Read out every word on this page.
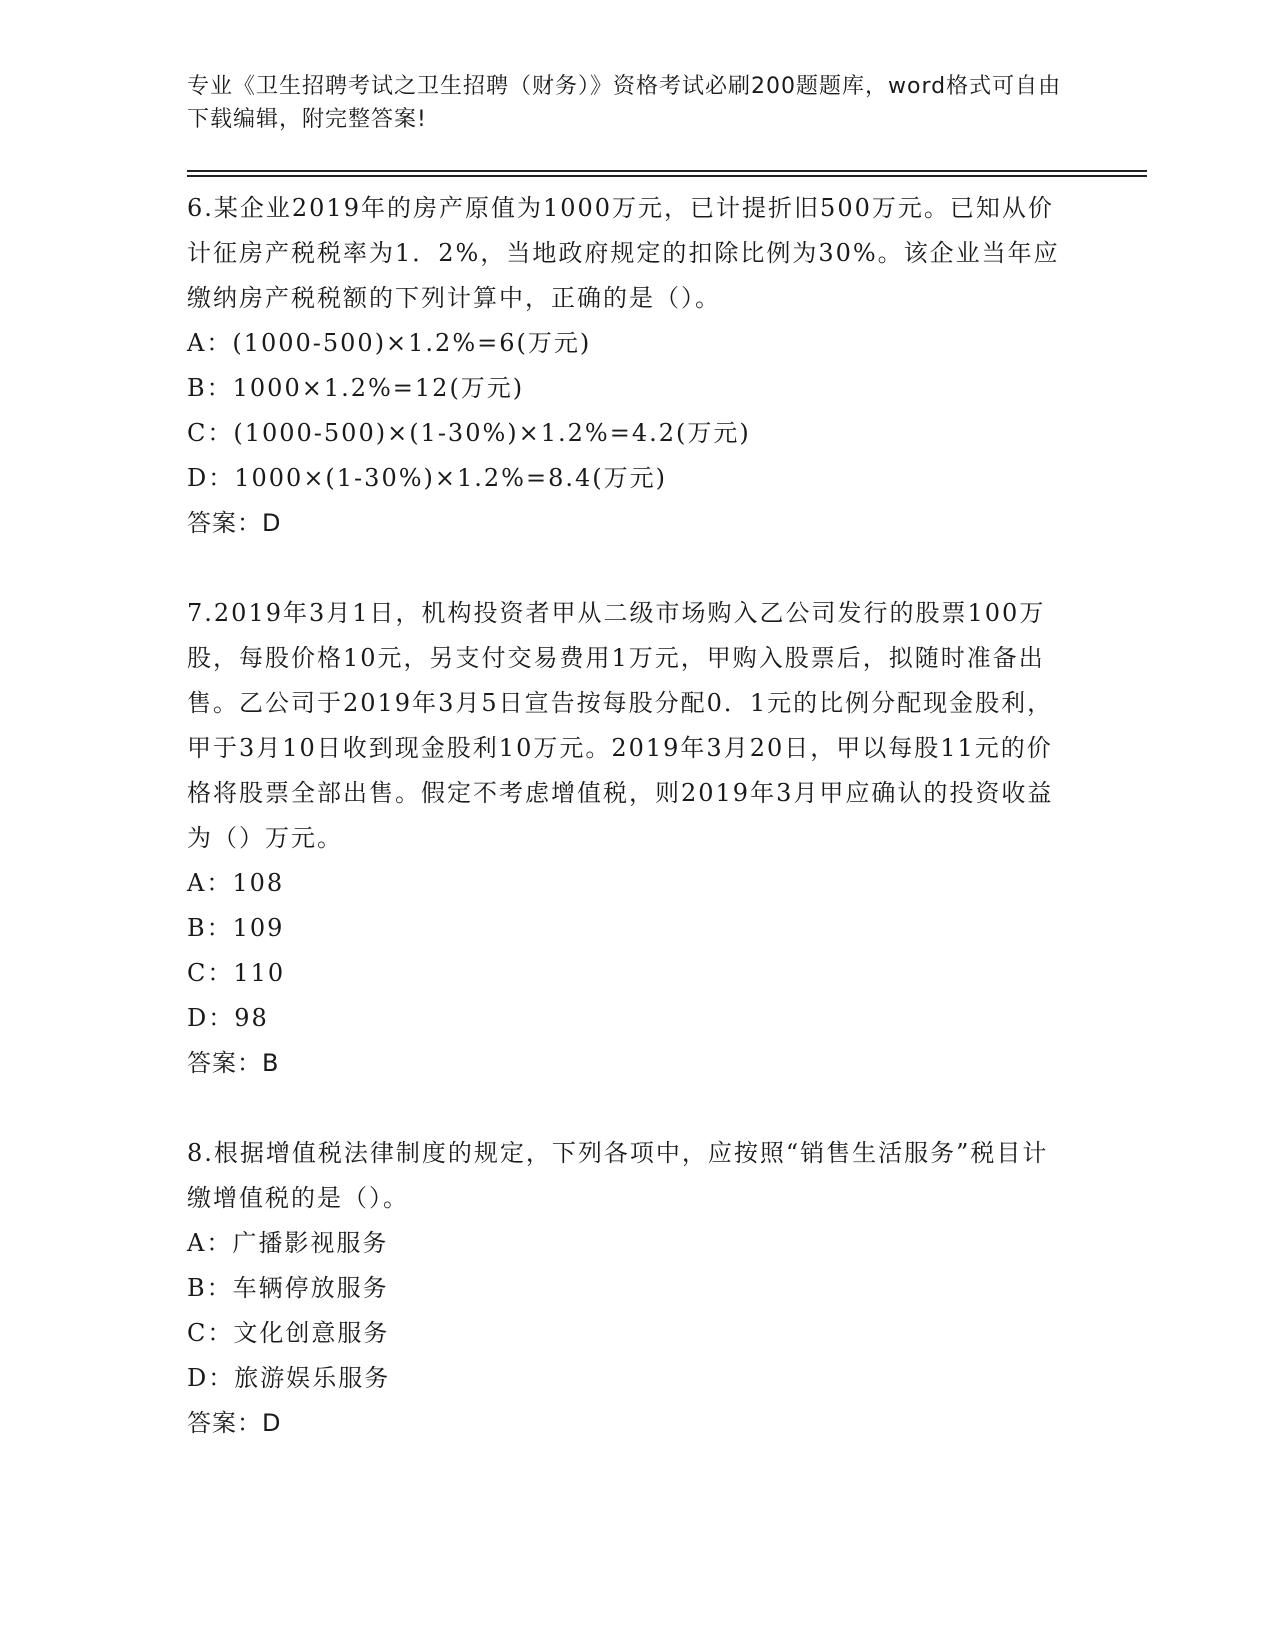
专业《卫生招聘考试之卫生招聘（财务）》资格考试必刷200题题库，word格式可自由下载编辑，附完整答案!

6.某企业2019年的房产原值为1000万元，已计提折旧500万元。已知从价计征房产税税率为1．2%，当地政府规定的扣除比例为30%。该企业当年应缴纳房产税税额的下列计算中，正确的是（）。

A：(1000-500)×1.2%=6(万元)
B：1000×1.2%=12(万元)
C：(1000-500)×(1-30%)×1.2%=4.2(万元)
D：1000×(1-30%)×1.2%=8.4(万元)
答案：D

7.2019年3月1日，机构投资者甲从二级市场购入乙公司发行的股票100万股，每股价格10元，另支付交易费用1万元，甲购入股票后，拟随时准备出售。乙公司于2019年3月5日宣告按每股分配0．1元的比例分配现金股利，甲于3月10日收到现金股利10万元。2019年3月20日，甲以每股11元的价格将股票全部出售。假定不考虑增值税，则2019年3月甲应确认的投资收益为（）万元。

A：108
B：109
C：110
D：98
答案：B

8.根据增值税法律制度的规定，下列各项中，应按照“销售生活服务”税目计缴增值税的是（）。

A：广播影视服务
B：车辆停放服务
C：文化创意服务
D：旅游娱乐服务
答案：D
